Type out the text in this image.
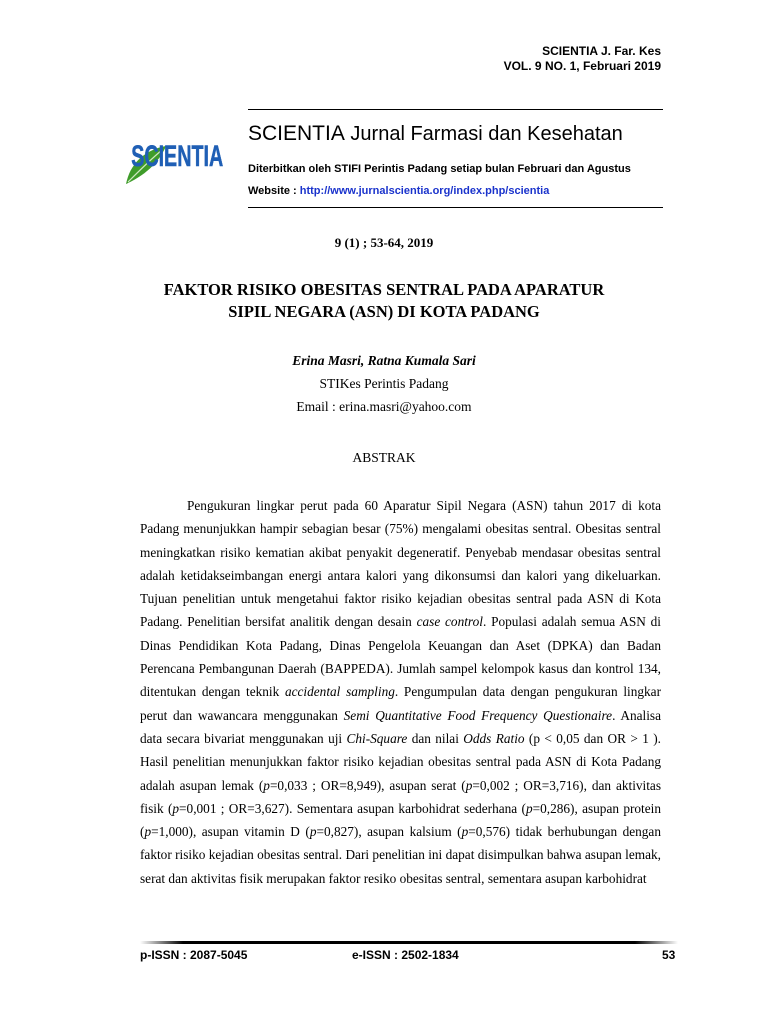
SCIENTIA J. Far. Kes
VOL. 9 NO. 1, Februari 2019
SCIENTIA
SCIENTIA Jurnal Farmasi dan Kesehatan
Diterbitkan oleh STIFI Perintis Padang setiap bulan Februari dan Agustus
Website : http://www.jurnalscientia.org/index.php/scientia
9 (1) ; 53-64, 2019
FAKTOR RISIKO OBESITAS SENTRAL PADA APARATUR
SIPIL NEGARA (ASN) DI KOTA PADANG
Erina Masri, Ratna Kumala Sari
STIKes Perintis Padang
Email : erina.masri@yahoo.com
ABSTRAK

Pengukuran lingkar perut pada 60 Aparatur Sipil Negara (ASN) tahun 2017 di kota Padang menunjukkan hampir sebagian besar (75%) mengalami obesitas sentral. Obesitas sentral meningkatkan risiko kematian akibat penyakit degeneratif. Penyebab mendasar obesitas sentral adalah ketidakseimbangan energi antara kalori yang dikonsumsi dan kalori yang dikeluarkan. Tujuan penelitian untuk mengetahui faktor risiko kejadian obesitas sentral pada ASN di Kota Padang. Penelitian bersifat analitik dengan desain case control. Populasi adalah semua ASN di Dinas Pendidikan Kota Padang, Dinas Pengelola Keuangan dan Aset (DPKA) dan Badan Perencana Pembangunan Daerah (BAPPEDA). Jumlah sampel kelompok kasus dan kontrol 134, ditentukan dengan teknik accidental sampling. Pengumpulan data dengan pengukuran lingkar perut dan wawancara menggunakan Semi Quantitative Food Frequency Questionaire. Analisa data secara bivariat menggunakan uji Chi-Square dan nilai Odds Ratio (p < 0,05 dan OR > 1 ). Hasil penelitian menunjukkan faktor risiko kejadian obesitas sentral pada ASN di Kota Padang adalah asupan lemak (p=0,033 ; OR=8,949), asupan serat (p=0,002 ; OR=3,716), dan aktivitas fisik (p=0,001 ; OR=3,627). Sementara asupan karbohidrat sederhana (p=0,286), asupan protein (p=1,000), asupan vitamin D (p=0,827), asupan kalsium (p=0,576) tidak berhubungan dengan faktor risiko kejadian obesitas sentral. Dari penelitian ini dapat disimpulkan bahwa asupan lemak, serat dan aktivitas fisik merupakan faktor resiko obesitas sentral, sementara asupan karbohidrat

p-ISSN : 2087-5045	e-ISSN : 2502-1834	53
